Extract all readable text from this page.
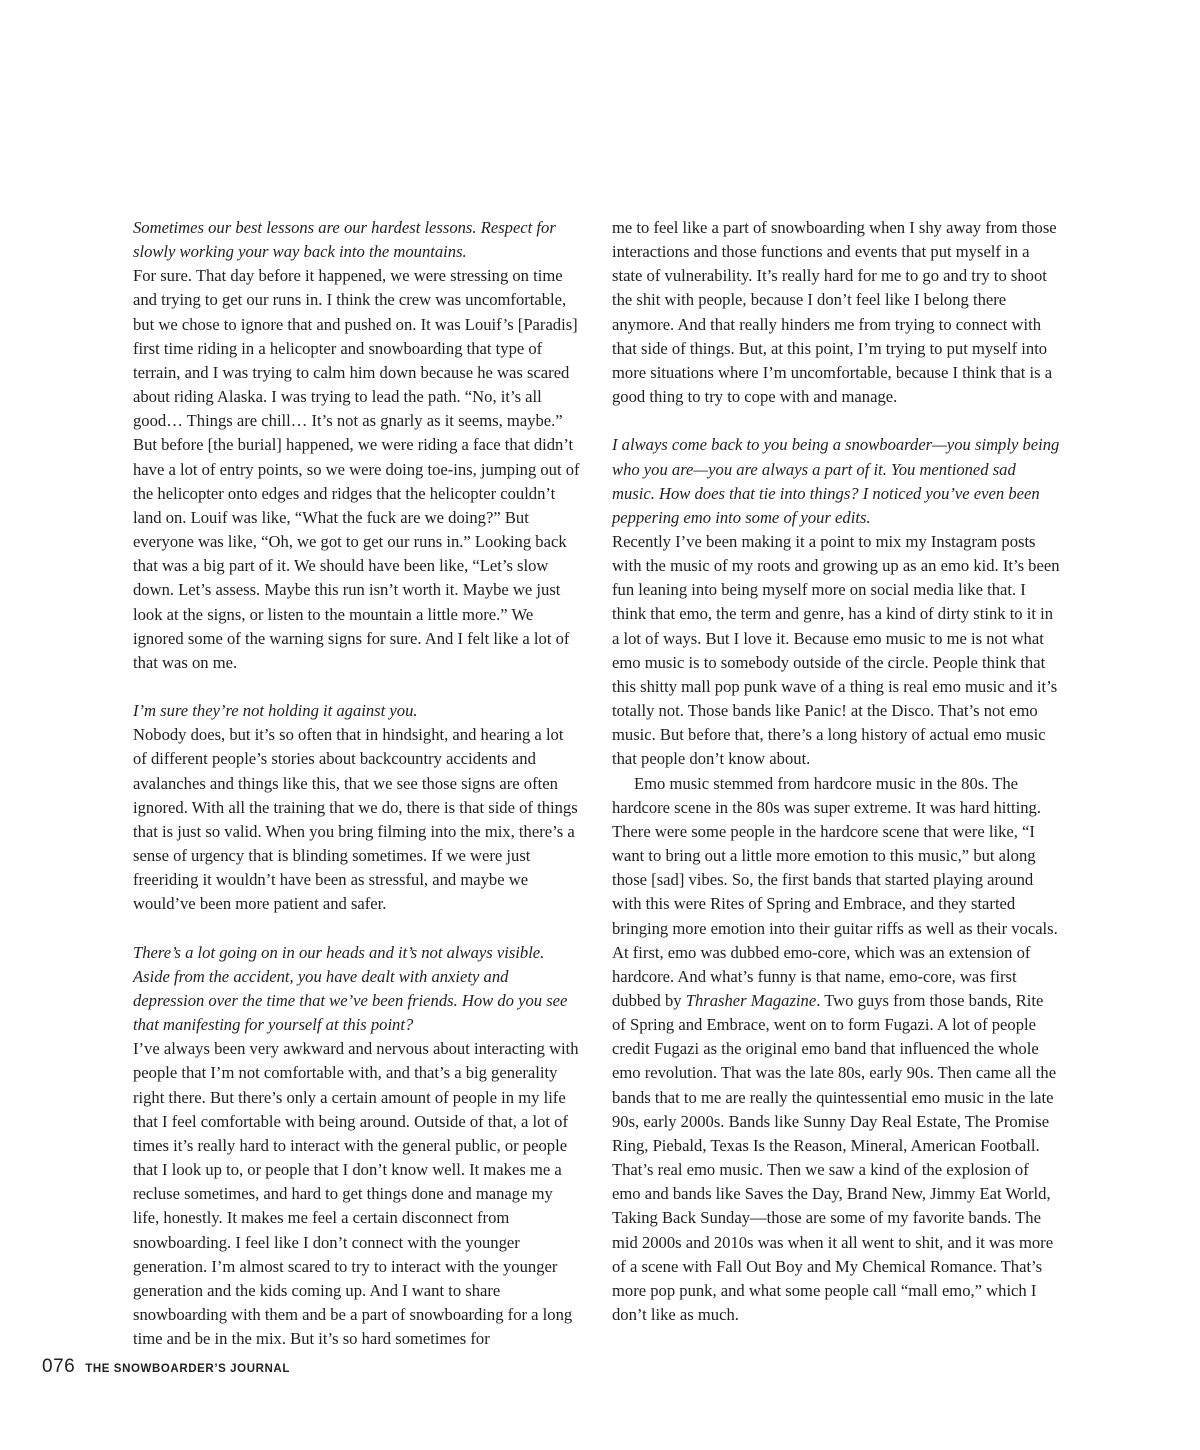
Sometimes our best lessons are our hardest lessons. Respect for slowly working your way back into the mountains.

For sure. That day before it happened, we were stressing on time and trying to get our runs in. I think the crew was uncomfortable, but we chose to ignore that and pushed on. It was Louif’s [Paradis] first time riding in a helicopter and snowboarding that type of terrain, and I was trying to calm him down because he was scared about riding Alaska. I was trying to lead the path. “No, it’s all good… Things are chill… It’s not as gnarly as it seems, maybe.” But before [the burial] happened, we were riding a face that didn’t have a lot of entry points, so we were doing toe-ins, jumping out of the helicopter onto edges and ridges that the helicopter couldn’t land on. Louif was like, “What the fuck are we doing?” But everyone was like, “Oh, we got to get our runs in.” Looking back that was a big part of it. We should have been like, “Let’s slow down. Let’s assess. Maybe this run isn’t worth it. Maybe we just look at the signs, or listen to the mountain a little more.” We ignored some of the warning signs for sure. And I felt like a lot of that was on me.

I’m sure they’re not holding it against you.

Nobody does, but it’s so often that in hindsight, and hearing a lot of different people’s stories about backcountry accidents and avalanches and things like this, that we see those signs are often ignored. With all the training that we do, there is that side of things that is just so valid. When you bring filming into the mix, there’s a sense of urgency that is blinding sometimes. If we were just freeriding it wouldn’t have been as stressful, and maybe we would’ve been more patient and safer.

There’s a lot going on in our heads and it’s not always visible. Aside from the accident, you have dealt with anxiety and depression over the time that we’ve been friends. How do you see that manifesting for yourself at this point?

I’ve always been very awkward and nervous about interacting with people that I’m not comfortable with, and that’s a big generality right there. But there’s only a certain amount of people in my life that I feel comfortable with being around. Outside of that, a lot of times it’s really hard to interact with the general public, or people that I look up to, or people that I don’t know well. It makes me a recluse sometimes, and hard to get things done and manage my life, honestly. It makes me feel a certain disconnect from snowboarding. I feel like I don’t connect with the younger generation. I’m almost scared to try to interact with the younger generation and the kids coming up. And I want to share snowboarding with them and be a part of snowboarding for a long time and be in the mix. But it’s so hard sometimes for

me to feel like a part of snowboarding when I shy away from those interactions and those functions and events that put myself in a state of vulnerability. It’s really hard for me to go and try to shoot the shit with people, because I don’t feel like I belong there anymore. And that really hinders me from trying to connect with that side of things. But, at this point, I’m trying to put myself into more situations where I’m uncomfortable, because I think that is a good thing to try to cope with and manage.

I always come back to you being a snowboarder—you simply being who you are—you are always a part of it. You mentioned sad music. How does that tie into things? I noticed you’ve even been peppering emo into some of your edits.

Recently I’ve been making it a point to mix my Instagram posts with the music of my roots and growing up as an emo kid. It’s been fun leaning into being myself more on social media like that. I think that emo, the term and genre, has a kind of dirty stink to it in a lot of ways. But I love it. Because emo music to me is not what emo music is to somebody outside of the circle. People think that this shitty mall pop punk wave of a thing is real emo music and it’s totally not. Those bands like Panic! at the Disco. That’s not emo music. But before that, there’s a long history of actual emo music that people don’t know about.

Emo music stemmed from hardcore music in the 80s. The hardcore scene in the 80s was super extreme. It was hard hitting. There were some people in the hardcore scene that were like, “I want to bring out a little more emotion to this music,” but along those [sad] vibes. So, the first bands that started playing around with this were Rites of Spring and Embrace, and they started bringing more emotion into their guitar riffs as well as their vocals. At first, emo was dubbed emo-core, which was an extension of hardcore. And what’s funny is that name, emo-core, was first dubbed by Thrasher Magazine. Two guys from those bands, Rite of Spring and Embrace, went on to form Fugazi. A lot of people credit Fugazi as the original emo band that influenced the whole emo revolution. That was the late 80s, early 90s. Then came all the bands that to me are really the quintessential emo music in the late 90s, early 2000s. Bands like Sunny Day Real Estate, The Promise Ring, Piebald, Texas Is the Reason, Mineral, American Football. That’s real emo music. Then we saw a kind of the explosion of emo and bands like Saves the Day, Brand New, Jimmy Eat World, Taking Back Sunday—those are some of my favorite bands. The mid 2000s and 2010s was when it all went to shit, and it was more of a scene with Fall Out Boy and My Chemical Romance. That’s more pop punk, and what some people call “mall emo,” which I don’t like as much.

076 THE SNOWBOARDER’S JOURNAL
